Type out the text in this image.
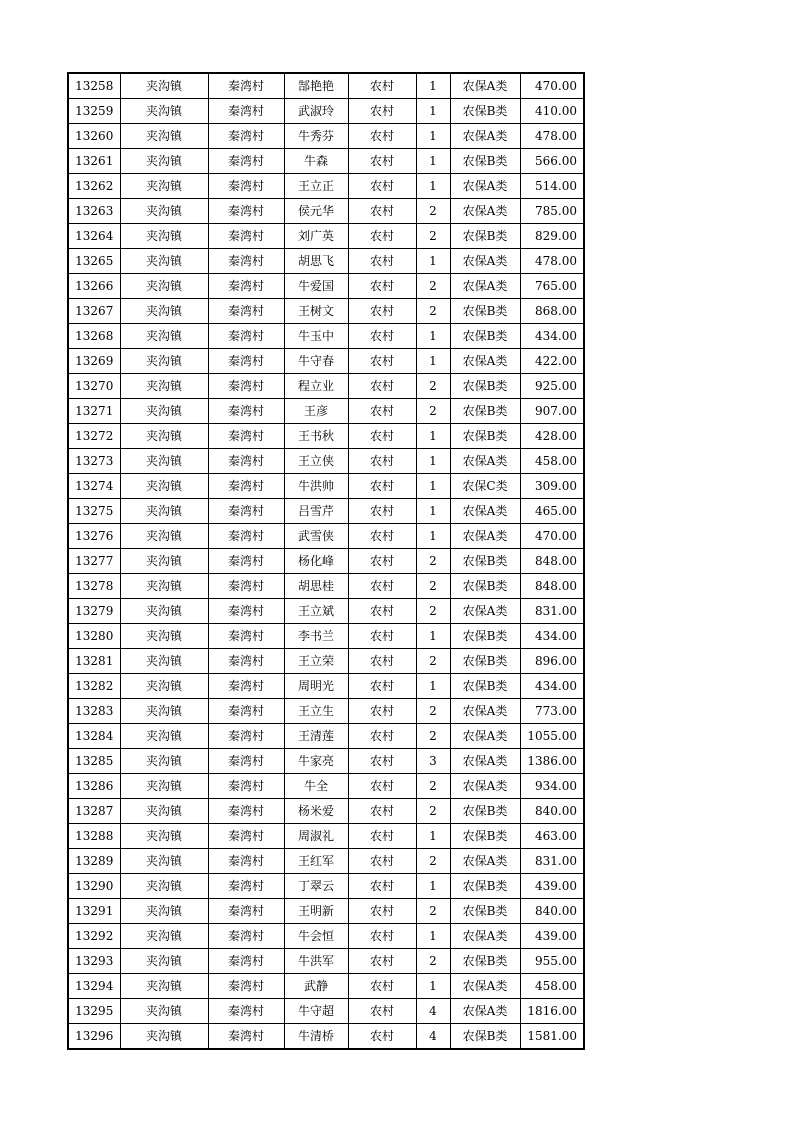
13258	夹沟镇	秦湾村	郜艳艳	农村	1	农保A类	470.00
13259	夹沟镇	秦湾村	武淑玲	农村	1	农保B类	410.00
13260	夹沟镇	秦湾村	牛秀芬	农村	1	农保A类	478.00
13261	夹沟镇	秦湾村	牛森	农村	1	农保B类	566.00
13262	夹沟镇	秦湾村	王立正	农村	1	农保A类	514.00
13263	夹沟镇	秦湾村	侯元华	农村	2	农保A类	785.00
13264	夹沟镇	秦湾村	刘广英	农村	2	农保B类	829.00
13265	夹沟镇	秦湾村	胡思飞	农村	1	农保A类	478.00
13266	夹沟镇	秦湾村	牛爱国	农村	2	农保A类	765.00
13267	夹沟镇	秦湾村	王树文	农村	2	农保B类	868.00
13268	夹沟镇	秦湾村	牛玉中	农村	1	农保B类	434.00
13269	夹沟镇	秦湾村	牛守春	农村	1	农保A类	422.00
13270	夹沟镇	秦湾村	程立业	农村	2	农保B类	925.00
13271	夹沟镇	秦湾村	王彦	农村	2	农保B类	907.00
13272	夹沟镇	秦湾村	王书秋	农村	1	农保B类	428.00
13273	夹沟镇	秦湾村	王立侠	农村	1	农保A类	458.00
13274	夹沟镇	秦湾村	牛洪帅	农村	1	农保C类	309.00
13275	夹沟镇	秦湾村	吕雪芹	农村	1	农保A类	465.00
13276	夹沟镇	秦湾村	武雪侠	农村	1	农保A类	470.00
13277	夹沟镇	秦湾村	杨化峰	农村	2	农保B类	848.00
13278	夹沟镇	秦湾村	胡思桂	农村	2	农保B类	848.00
13279	夹沟镇	秦湾村	王立斌	农村	2	农保A类	831.00
13280	夹沟镇	秦湾村	李书兰	农村	1	农保B类	434.00
13281	夹沟镇	秦湾村	王立荣	农村	2	农保B类	896.00
13282	夹沟镇	秦湾村	周明光	农村	1	农保B类	434.00
13283	夹沟镇	秦湾村	王立生	农村	2	农保A类	773.00
13284	夹沟镇	秦湾村	王清莲	农村	2	农保A类	1055.00
13285	夹沟镇	秦湾村	牛家亮	农村	3	农保A类	1386.00
13286	夹沟镇	秦湾村	牛全	农村	2	农保A类	934.00
13287	夹沟镇	秦湾村	杨米爱	农村	2	农保B类	840.00
13288	夹沟镇	秦湾村	周淑礼	农村	1	农保B类	463.00
13289	夹沟镇	秦湾村	王红军	农村	2	农保A类	831.00
13290	夹沟镇	秦湾村	丁翠云	农村	1	农保B类	439.00
13291	夹沟镇	秦湾村	王明新	农村	2	农保B类	840.00
13292	夹沟镇	秦湾村	牛会恒	农村	1	农保A类	439.00
13293	夹沟镇	秦湾村	牛洪军	农村	2	农保B类	955.00
13294	夹沟镇	秦湾村	武静	农村	1	农保A类	458.00
13295	夹沟镇	秦湾村	牛守超	农村	4	农保A类	1816.00
13296	夹沟镇	秦湾村	牛清桥	农村	4	农保B类	1581.00
